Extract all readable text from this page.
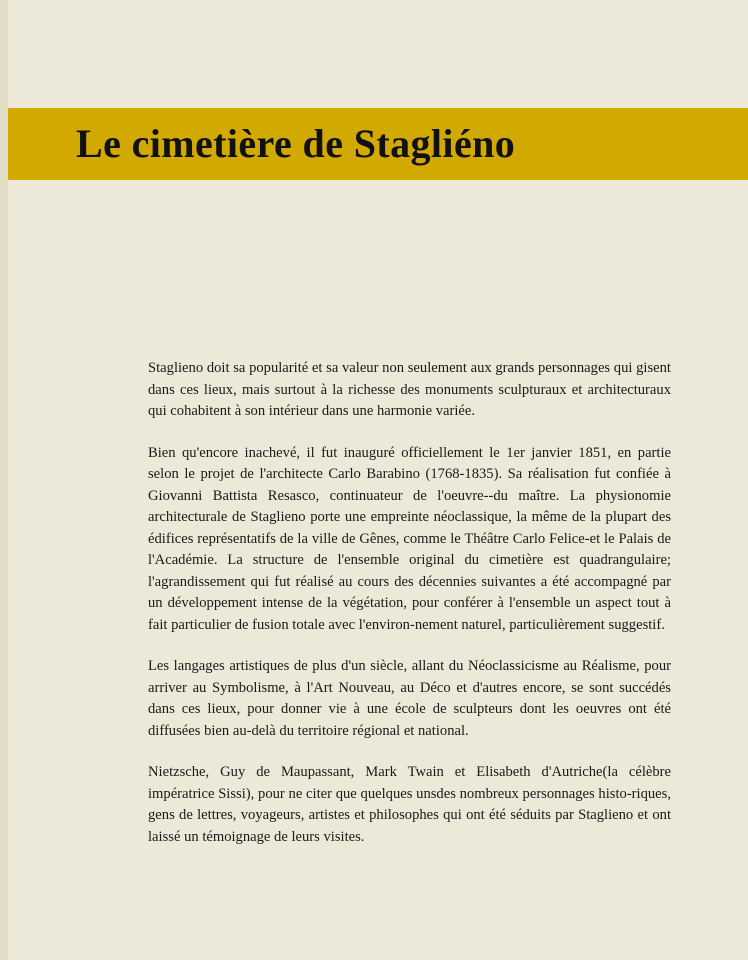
Le cimetière de Stagliéno

Staglieno doit sa popularité et sa valeur non seulement aux grands personnages qui gisent dans ces lieux, mais surtout à la richesse des monuments sculpturaux et architecturaux qui cohabitent à son intérieur dans une harmonie variée.

Bien qu'encore inachevé, il fut inauguré officiellement le 1er janvier 1851, en partie selon le projet de l'architecte Carlo Barabino (1768-1835). Sa réalisation fut confiée à Giovanni Battista Resasco, continuateur de l'oeuvre--du maître. La physionomie architecturale de Staglieno porte une empreinte néoclassique, la même de la plupart des édifices représentatifs de la ville de Gênes, comme le Théâtre Carlo Felice-et le Palais de l'Académie. La structure de l'ensemble original du cimetière est quadrangulaire; l'agrandissement qui fut réalisé au cours des décennies suivantes a été accompagné par un développement intense de la végétation, pour conférer à l'ensemble un aspect tout à fait particulier de fusion totale avec l'environ-nement naturel, particulièrement suggestif.

Les langages artistiques de plus d'un siècle, allant du Néoclassicisme au Réalisme, pour arriver au Symbolisme, à l'Art Nouveau, au Déco et d'autres encore, se sont succédés dans ces lieux, pour donner vie à une école de sculpteurs dont les oeuvres ont été diffusées bien au-delà du territoire régional et national.

Nietzsche, Guy de Maupassant, Mark Twain et Elisabeth d'Autriche(la célèbre impératrice Sissi), pour ne citer que quelques unsdes nombreux personnages histo-riques, gens de lettres, voyageurs, artistes et philosophes qui ont été séduits par Staglieno et ont laissé un témoignage de leurs visites.
